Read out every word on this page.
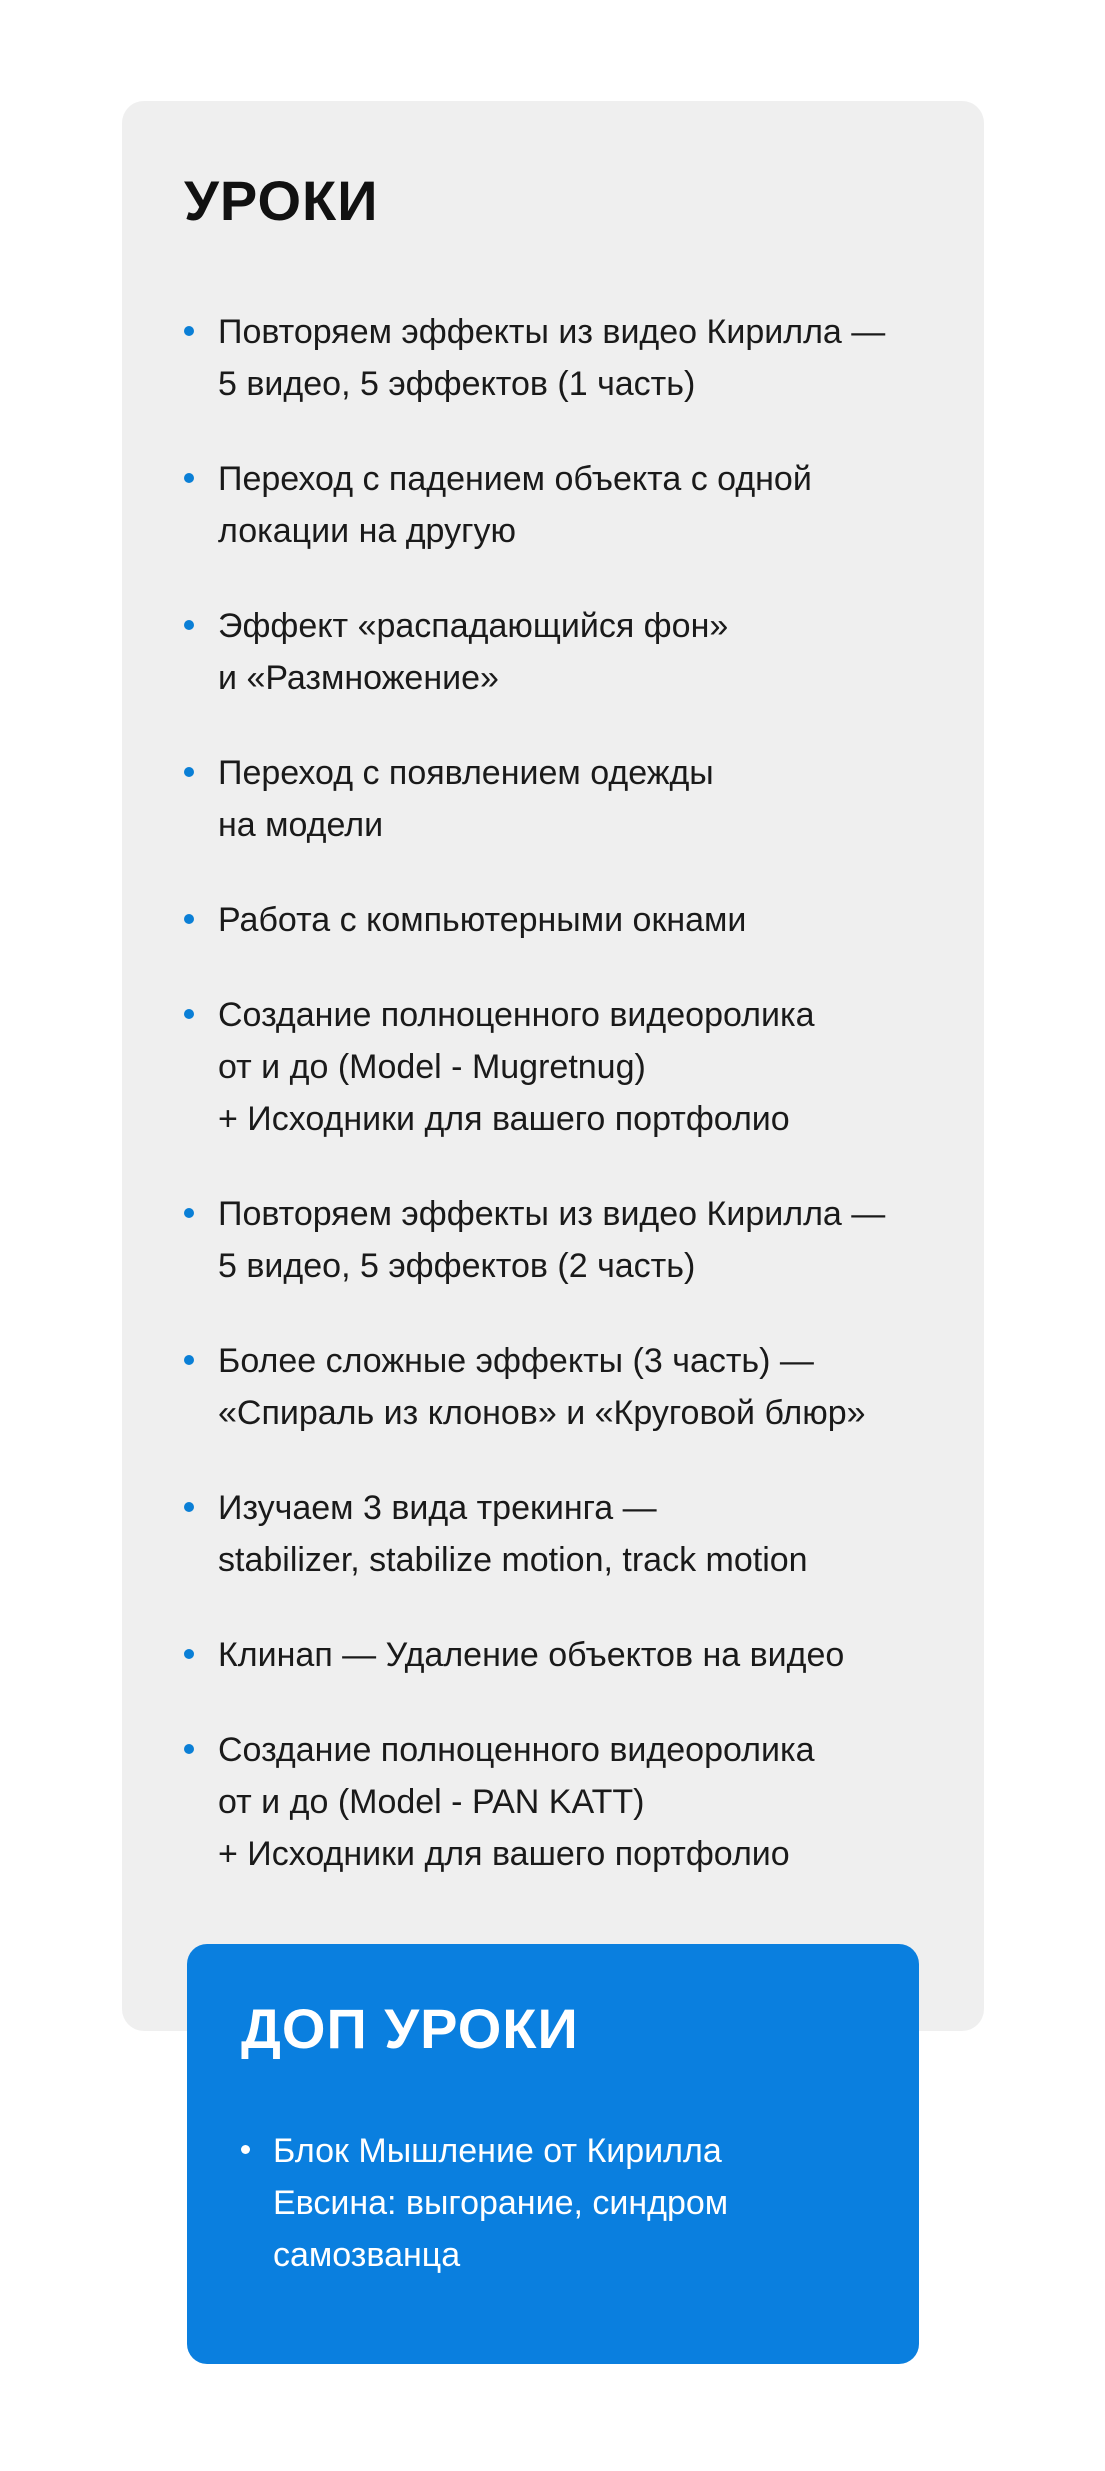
УРОКИ
Повторяем эффекты из видео Кирилла —
5 видео, 5 эффектов (1 часть)
Переход с падением объекта с одной
локации на другую
Эффект «распадающийся фон»
и «Размножение»
Переход с появлением одежды
на модели
Работа с компьютерными окнами
Создание полноценного видеоролика
от и до (Model - Mugretnug)
+ Исходники для вашего портфолио
Повторяем эффекты из видео Кирилла —
5 видео, 5 эффектов (2 часть)
Более сложные эффекты (3 часть) —
«Спираль из клонов» и «Круговой блюр»
Изучаем 3 вида трекинга —
stabilizer, stabilize motion, track motion
Клинап — Удаление объектов на видео
Создание полноценного видеоролика
от и до (Model - PAN KATT)
+ Исходники для вашего портфолио
ДОП УРОКИ
Блок Мышление от Кирилла
Евсина: выгорание, синдром
самозванца
